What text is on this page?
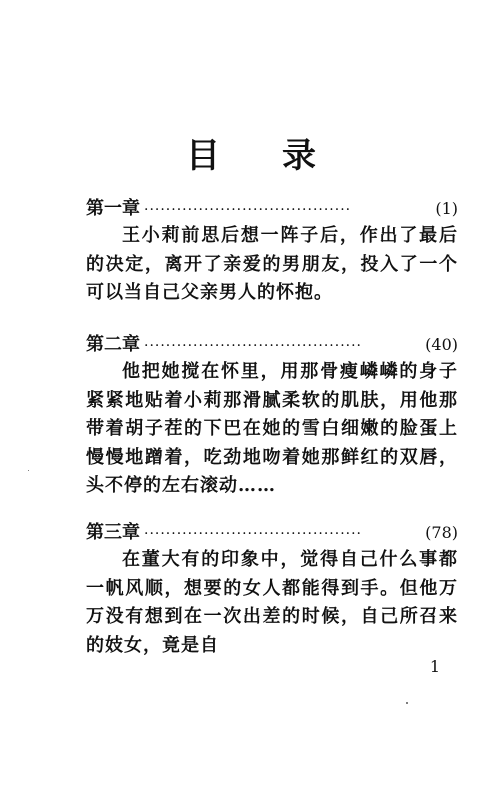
目 录
第一章 ······································	(1)

王小莉前思后想一阵子后，作出了最后的决定，离开了亲爱的男朋友，投入了一个可以当自己父亲男人的怀抱。

第二章 ········································	(40)

他把她搅在怀里，用那骨瘦嶙嶙的身子紧紧地贴着小莉那滑腻柔软的肌肤，用他那带着胡子茬的下巴在她的雪白细嫩的脸蛋上慢慢地蹭着，吃劲地吻着她那鲜红的双唇，头不停的左右滚动……

第三章 ········································	(78)

在董大有的印象中，觉得自己什么事都一帆风顺，想要的女人都能得到手。但他万万没有想到在一次出差的时候，自己所召来的妓女，竟是自

1
